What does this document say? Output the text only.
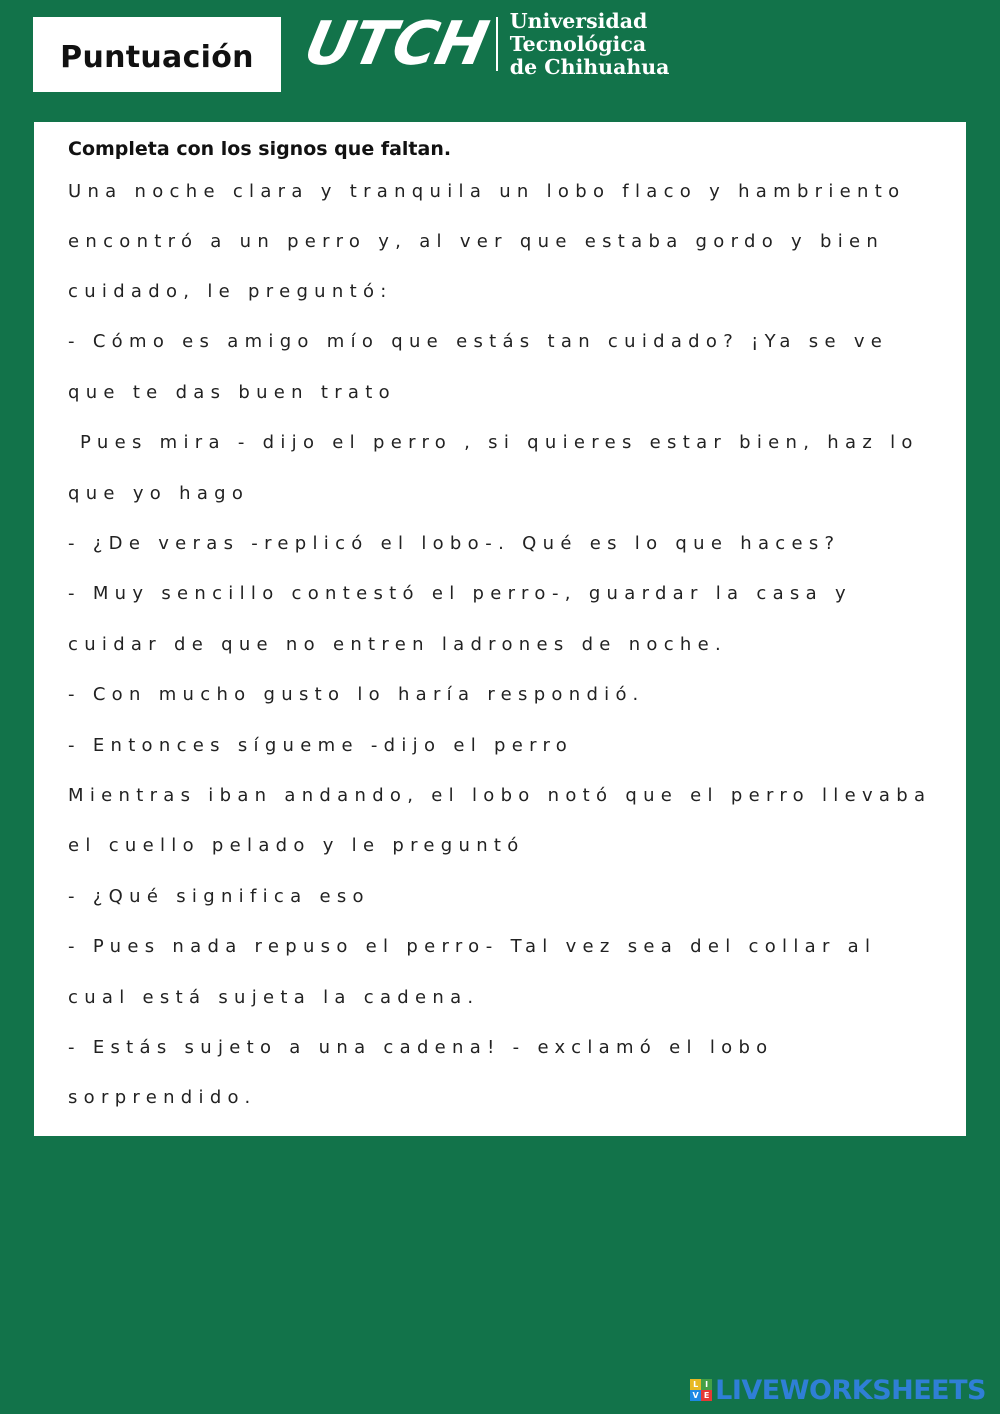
Puntuación UTCH Universidad Tecnológica
de Chihuahua
Completa con los signos que faltan.
Una noche clara y tranquila un lobo flaco y hambriento
encontró a un perro y, al ver que estaba gordo y bien
cuidado, le preguntó:
- Cómo es amigo mío que estás tan cuidado? ¡Ya se ve
que te das buen trato
Pues mira - dijo el perro , si quieres estar bien, haz lo
que yo hago
- ¿De veras -replicó el lobo-. Qué es lo que haces?
- Muy sencillo contestó el perro-, guardar la casa y
cuidar de que no entren ladrones de noche.
- Con mucho gusto lo haría respondió.
- Entonces sígueme -dijo el perro
Mientras iban andando, el lobo notó que el perro llevaba
el cuello pelado y le preguntó
- ¿Qué significa eso
- Pues nada repuso el perro- Tal vez sea del collar al
cual está sujeta la cadena.
- Estás sujeto a una cadena! - exclamó el lobo
sorprendido.
L I
V E LIVEWORKSHEETS
